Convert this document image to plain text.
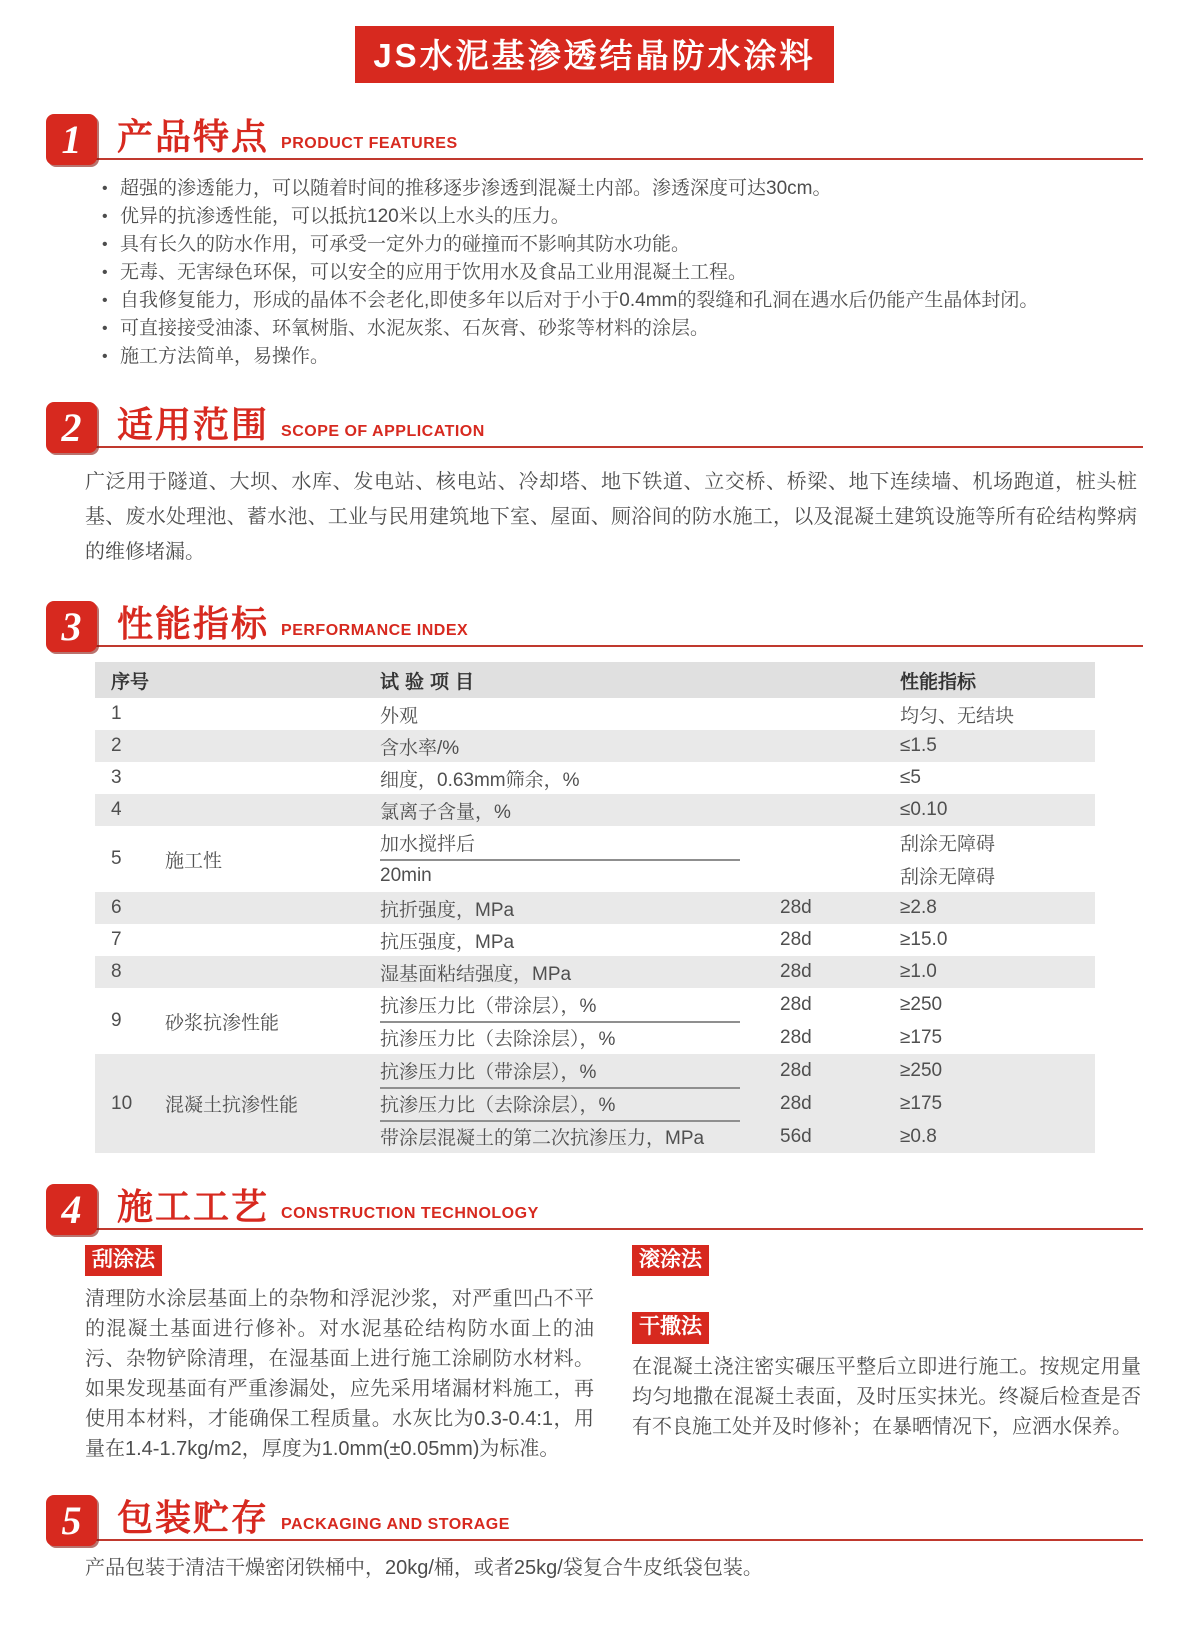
JS水泥基渗透结晶防水涂料
1 产品特点 PRODUCT FEATURES
• 超强的渗透能力，可以随着时间的推移逐步渗透到混凝土内部。渗透深度可达30cm。
• 优异的抗渗透性能，可以抵抗120米以上水头的压力。
• 具有长久的防水作用，可承受一定外力的碰撞而不影响其防水功能。
• 无毒、无害绿色环保，可以安全的应用于饮用水及食品工业用混凝土工程。
• 自我修复能力，形成的晶体不会老化,即使多年以后对于小于0.4mm的裂缝和孔洞在遇水后仍能产生晶体封闭。
• 可直接接受油漆、环氧树脂、水泥灰浆、石灰膏、砂浆等材料的涂层。
• 施工方法简单，易操作。
2 适用范围 SCOPE OF APPLICATION
广泛用于隧道、大坝、水库、发电站、核电站、冷却塔、地下铁道、立交桥、桥梁、地下连续墙、机场跑道，桩头桩基、废水处理池、蓄水池、工业与民用建筑地下室、屋面、厕浴间的防水施工，以及混凝土建筑设施等所有砼结构弊病的维修堵漏。
3 性能指标 PERFORMANCE INDEX
序号	试验项目	性能指标
1	外观	均匀、无结块
2	含水率/%	≤1.5
3	细度，0.63mm筛余，%	≤5
4	氯离子含量，%	≤0.10
5	施工性
加水搅拌后	刮涂无障碍
20min	刮涂无障碍
6	抗折强度，MPa	28d	≥2.8
7	抗压强度，MPa	28d	≥15.0
8	湿基面粘结强度，MPa	28d	≥1.0
9	砂浆抗渗性能
抗渗压力比（带涂层），%	28d	≥250
抗渗压力比（去除涂层），%	28d	≥175
10	混凝土抗渗性能
抗渗压力比（带涂层），%	28d	≥250
抗渗压力比（去除涂层），%	28d	≥175
带涂层混凝土的第二次抗渗压力，MPa	56d	≥0.8
4 施工工艺 CONSTRUCTION TECHNOLOGY
刮涂法
清理防水涂层基面上的杂物和浮泥沙浆，对严重凹凸不平的混凝土基面进行修补。对水泥基砼结构防水面上的油污、杂物铲除清理，在湿基面上进行施工涂刷防水材料。如果发现基面有严重渗漏处，应先采用堵漏材料施工，再使用本材料，才能确保工程质量。水灰比为0.3-0.4:1，用量在1.4-1.7kg/m2，厚度为1.0mm(±0.05mm)为标准。
滚涂法
干撒法
在混凝土浇注密实碾压平整后立即进行施工。按规定用量均匀地撒在混凝土表面，及时压实抹光。终凝后检查是否有不良施工处并及时修补；在暴晒情况下，应洒水保养。
5 包装贮存 PACKAGING AND STORAGE
产品包装于清洁干燥密闭铁桶中，20kg/桶，或者25kg/袋复合牛皮纸袋包装。
